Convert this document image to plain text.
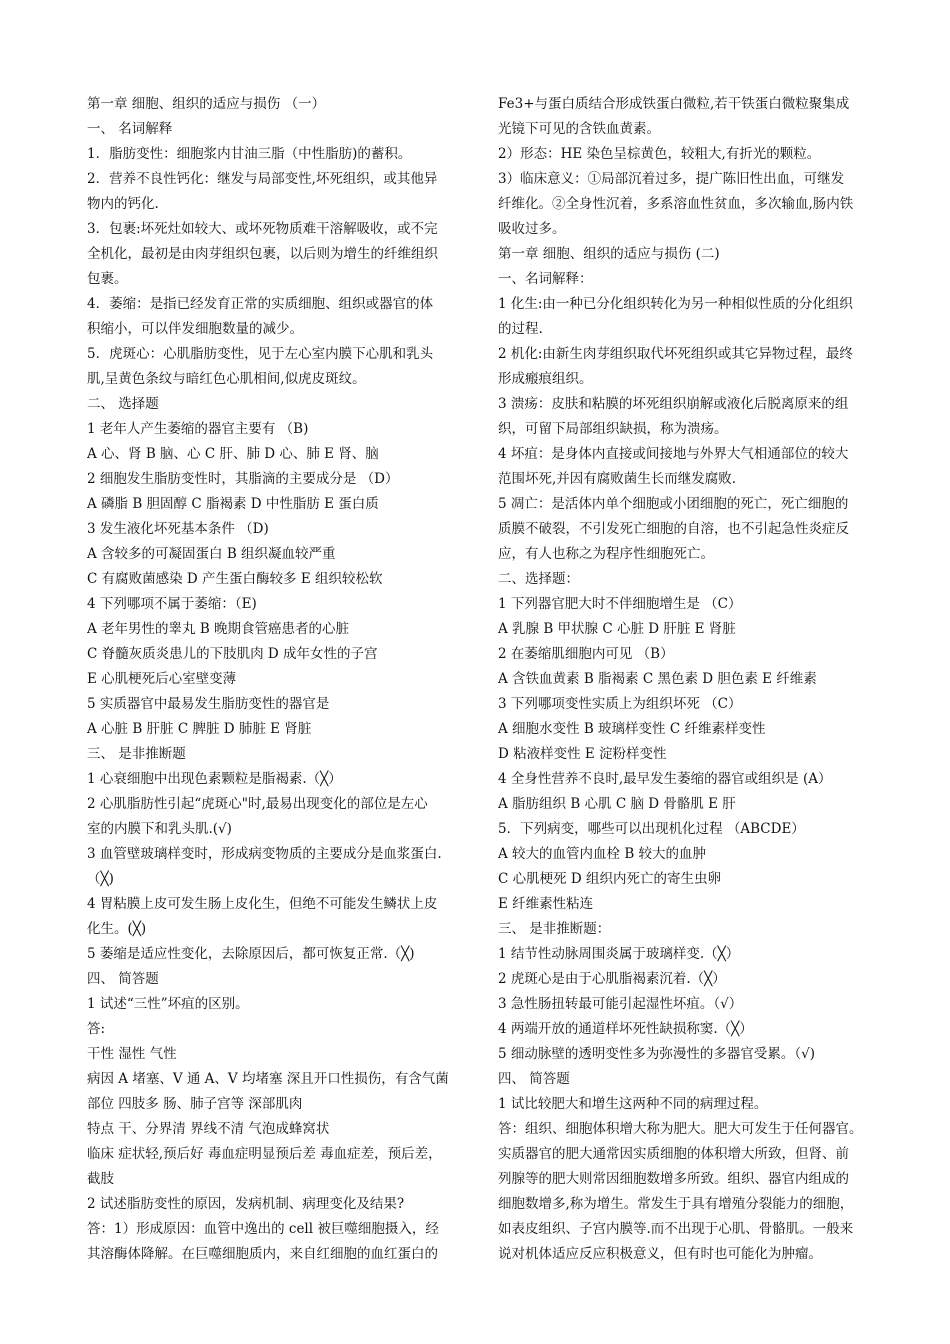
第一章 细胞、组织的适应与损伤 （一）
一、 名词解释
1．脂肪变性：细胞浆内甘油三脂（中性脂肪)的蓄积。
2．营养不良性钙化：继发与局部变性,坏死组织，或其他异
物内的钙化.
3．包裹:坏死灶如较大、或坏死物质难干溶解吸收，或不完
全机化，最初是由肉芽组织包裹，以后则为增生的纤维组织
包裹。
4．萎缩：是指已经发育正常的实质细胞、组织或器官的体
积缩小，可以伴发细胞数量的减少。
5．虎斑心：心肌脂肪变性，见于左心室内膜下心肌和乳头
肌,呈黄色条纹与暗红色心肌相间,似虎皮斑纹。
二、 选择题
1 老年人产生萎缩的器官主要有 （B)
A 心、肾 B 脑、心 C 肝、肺 D 心、肺 E 肾、脑
2 细胞发生脂肪变性时，其脂滴的主要成分是 （D）
A 磷脂 B 胆固醇 C 脂褐素 D 中性脂肪 E 蛋白质
3 发生液化坏死基本条件 （D)
A 含较多的可凝固蛋白 B 组织凝血较严重
C 有腐败菌感染 D 产生蛋白酶较多 E 组织较松软
4 下列哪项不属于萎缩：（E)
A 老年男性的睾丸 B 晚期食管癌患者的心脏
C 脊髓灰质炎患儿的下肢肌肉 D 成年女性的子宫
E 心肌梗死后心室壁变薄
5 实质器官中最易发生脂肪变性的器官是
A 心脏 B 肝脏 C 脾脏 D 肺脏 E 肾脏
三、 是非推断题
1 心衰细胞中出现色素颗粒是脂褐素.（╳）
2 心肌脂肪性引起“虎斑心"时,最易出现变化的部位是左心
室的内膜下和乳头肌.(√)
3 血管壁玻璃样变时，形成病变物质的主要成分是血浆蛋白.
（╳)
4 胃粘膜上皮可发生肠上皮化生，但绝不可能发生鳞状上皮
化生。(╳)
5 萎缩是适应性变化，去除原因后，都可恢复正常.（╳)
四、 简答题
1 试述“三性”坏疽的区别。
答:
干性 湿性 气性
病因 A 堵塞、V 通 A、V 均堵塞 深且开口性损伤，有含气菌
部位 四肢多 肠、肺子宫等 深部肌肉
特点 干、分界清 界线不清 气泡成蜂窝状
临床 症状轻,预后好 毒血症明显预后差 毒血症差，预后差，
截肢
2 试述脂肪变性的原因，发病机制、病理变化及结果?
答：1）形成原因：血管中逸出的 cell 被巨噬细胞摄入，经
其溶酶体降解。在巨噬细胞质内，来自红细胞的血红蛋白的
Fe3+与蛋白质结合形成铁蛋白微粒,若干铁蛋白微粒聚集成
光镜下可见的含铁血黄素。
2）形态：HE 染色呈棕黄色，较粗大,有折光的颗粒。
3）临床意义：①局部沉着过多，提广陈旧性出血，可继发
纤维化。②全身性沉着，多系溶血性贫血，多次输血,肠内铁
吸收过多。
第一章 细胞、组织的适应与损伤 (二)
一、名词解释：
1 化生:由一种已分化组织转化为另一种相似性质的分化组织
的过程.
2 机化:由新生肉芽组织取代坏死组织或其它异物过程，最终
形成瘢痕组织。
3 溃疡：皮肤和粘膜的坏死组织崩解或液化后脱离原来的组
织，可留下局部组织缺损，称为溃疡。
4 坏疽：是身体内直接或间接地与外界大气相通部位的较大
范围坏死,并因有腐败菌生长而继发腐败.
5 凋亡：是活体内单个细胞或小团细胞的死亡，死亡细胞的
质膜不破裂，不引发死亡细胞的自溶，也不引起急性炎症反
应，有人也称之为程序性细胞死亡。
二、选择题：
1 下列器官肥大时不伴细胞增生是 （C）
A 乳腺 B 甲状腺 C 心脏 D 肝脏 E 肾脏
2 在萎缩肌细胞内可见 （B）
A 含铁血黄素 B 脂褐素 C 黑色素 D 胆色素 E 纤维素
3 下列哪项变性实质上为组织坏死 （C）
A 细胞水变性 B 玻璃样变性 C 纤维素样变性
D 粘液样变性 E 淀粉样变性
4 全身性营养不良时,最早发生萎缩的器官或组织是 (A）
A 脂肪组织 B 心肌 C 脑 D 骨骼肌 E 肝
5．下列病变，哪些可以出现机化过程 （ABCDE）
A 较大的血管内血栓 B 较大的血肿
C 心肌梗死 D 组织内死亡的寄生虫卵
E 纤维素性粘连
三、 是非推断题：
1 结节性动脉周围炎属于玻璃样变.（╳）
2 虎斑心是由于心肌脂褐素沉着.（╳）
3 急性肠扭转最可能引起湿性坏疽。（√）
4 两端开放的通道样坏死性缺损称窦.（╳）
5 细动脉壁的透明变性多为弥漫性的多器官受累。（√)
四、 简答题
1 试比较肥大和增生这两种不同的病理过程。
答：组织、细胞体积增大称为肥大。肥大可发生于任何器官。
实质器官的肥大通常因实质细胞的体积增大所致，但肾、前
列腺等的肥大则常因细胞数增多所致。组织、器官内组成的
细胞数增多,称为增生。常发生于具有增殖分裂能力的细胞，
如表皮组织、子宫内膜等.而不出现于心肌、骨骼肌。一般来
说对机体适应反应积极意义，但有时也可能化为肿瘤。
